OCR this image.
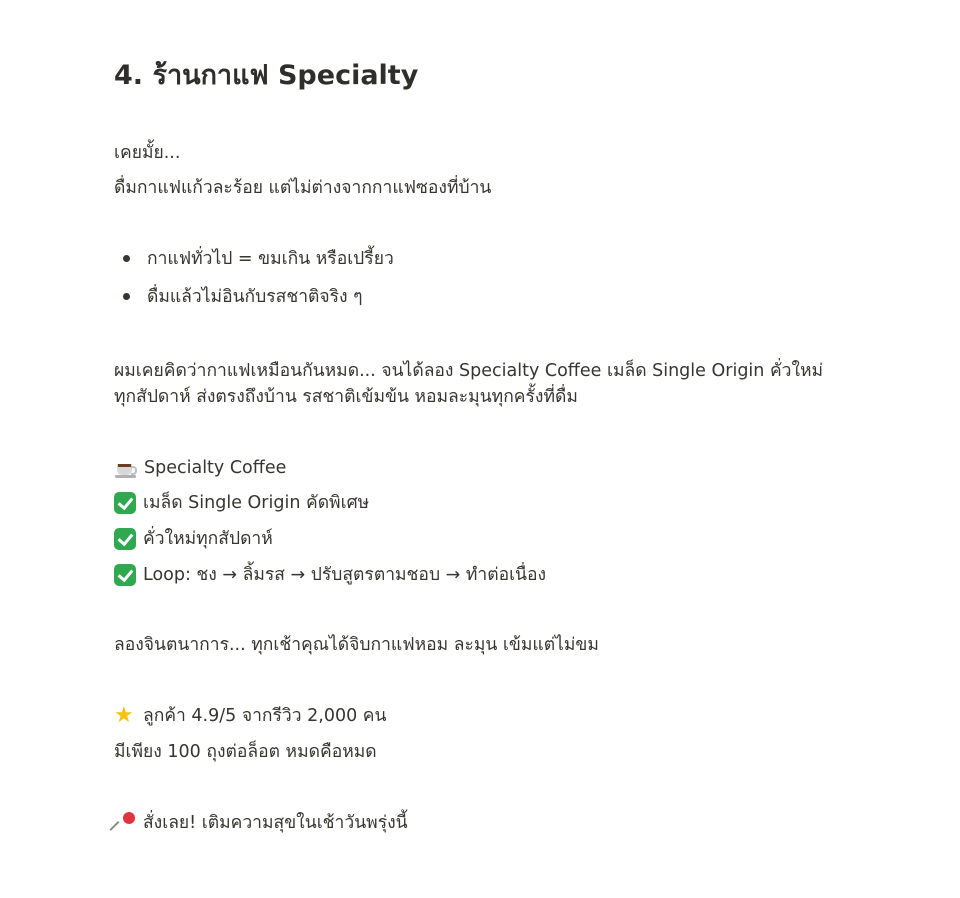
4. ร้านกาแฟ Specialty

เคยมั้ย...

ดื่มกาแฟแก้วละร้อย แต่ไม่ต่างจากกาแฟซองที่บ้าน

กาแฟทั่วไป = ขมเกิน หรือเปรี้ยว
ดื่มแล้วไม่อินกับรสชาติจริง ๆ

ผมเคยคิดว่ากาแฟเหมือนกันหมด... จนได้ลอง Specialty Coffee เมล็ด Single Origin คั่วใหม่ทุกสัปดาห์ ส่งตรงถึงบ้าน รสชาติเข้มข้น หอมละมุนทุกครั้งที่ดื่ม

Specialty Coffee

เมล็ด Single Origin คัดพิเศษ

คั่วใหม่ทุกสัปดาห์

Loop: ชง → ลิ้มรส → ปรับสูตรตามชอบ → ทำต่อเนื่อง

ลองจินตนาการ... ทุกเช้าคุณได้จิบกาแฟหอม ละมุน เข้มแต่ไม่ขม

★ ลูกค้า 4.9/5 จากรีวิว 2,000 คน

มีเพียง 100 ถุงต่อล็อต หมดคือหมด

สั่งเลย! เติมความสุขในเช้าวันพรุ่งนี้
